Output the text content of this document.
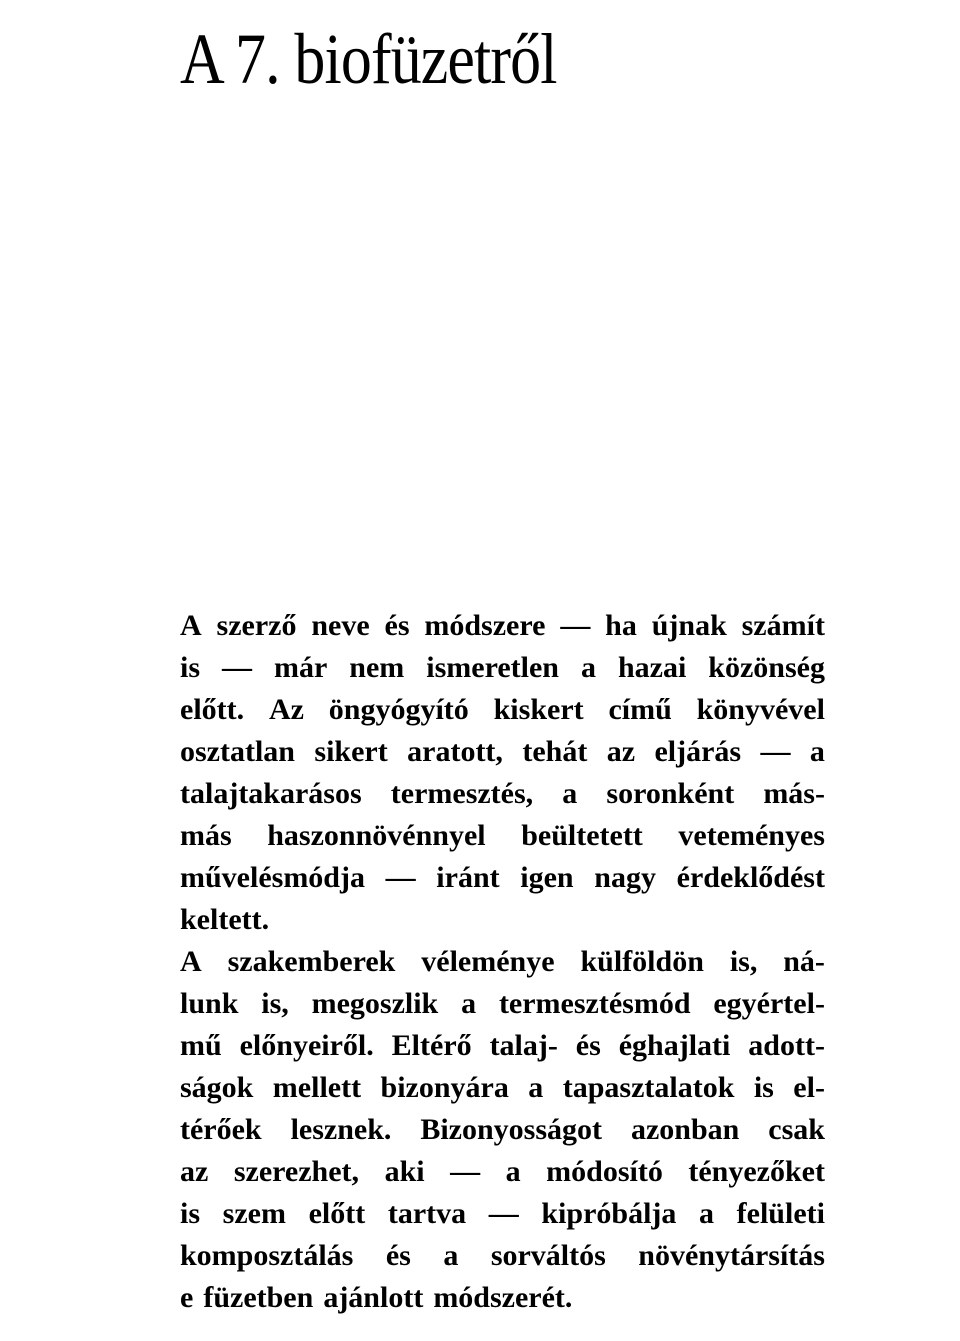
A 7. biofüzetről
A szerző neve és módszere — ha újnak számít
is — már nem ismeretlen a hazai közönség
előtt. Az öngyógyító kiskert című könyvével
osztatlan sikert aratott, tehát az eljárás — a
talajtakarásos termesztés, a soronként más-
más haszonnövénnyel beültetett veteményes
művelésmódja — iránt igen nagy érdeklődést
keltett.
A szakemberek véleménye külföldön is, ná-
lunk is, megoszlik a termesztésmód egyértel-
mű előnyeiről. Eltérő talaj- és éghajlati adott-
ságok mellett bizonyára a tapasztalatok is el-
térőek lesznek. Bizonyosságot azonban csak
az szerezhet, aki — a módosító tényezőket
is szem előtt tartva — kipróbálja a felületi
komposztálás és a sorváltós növénytársítás
e füzetben ajánlott módszerét.
